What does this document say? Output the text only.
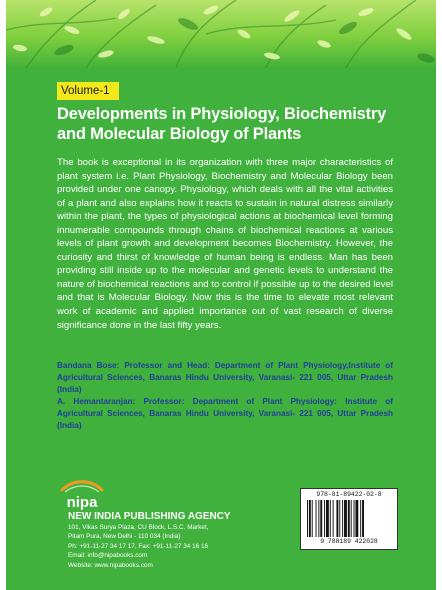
Volume-1
Developments in Physiology, Biochemistry
and Molecular Biology of Plants

The book is exceptional in its organization with three major characteristics of plant system i.e. Plant Physiology, Biochemistry and Molecular Biology been provided under one canopy. Physiology, which deals with all the vital activities of a plant and also explains how it reacts to sustain in natural distress similarly within the plant, the types of physiological actions at biochemical level forming innumerable compounds through chains of biochemical reactions at various levels of plant growth and development becomes Biochemistry. However, the curiosity and thirst of knowledge of human being is endless. Man has been providing still inside up to the molecular and genetic levels to understand the nature of biochemical reactions and to control if possible up to the desired level and that is Molecular Biology. Now this is the time to elevate most relevant work of academic and applied importance out of vast research of diverse significance done in the last fifty years.

Bandana Bose: Professor and Head: Department of Plant Physiology,Institute of Agricultural Sciences, Banaras Hindu University, Varanasi- 221 005, Uttar Pradesh (India)

A. Hemantaranjan: Professor: Department of Plant Physiology: Institute of Agricultural Sciences, Banaras Hindu University, Varanasi- 221 005, Uttar Pradesh (India)

nipa
NEW INDIA PUBLISHING AGENCY
101, Vikas Surya Plaza, CU Block, L.S.C. Market,
Pitam Pura, New Delhi - 110 034 (India)
Ph: +91-11-27 34 17 17, Fax: +91-11-27 34 16 16
Email: info@nipabooks.com
Website: www.nipabooks.com
978-81-89422-02-8
9 788189 422028
